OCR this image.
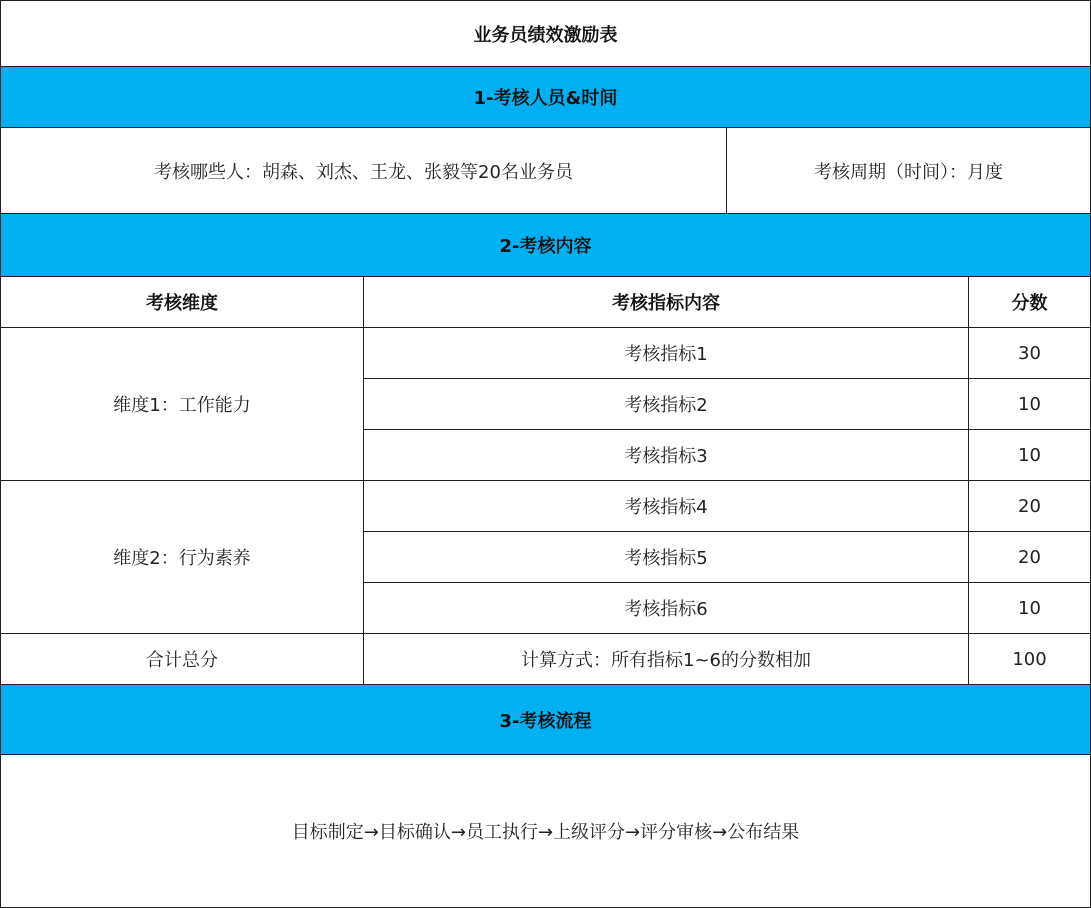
业务员绩效激励表			
1-考核人员&时间			
考核哪些人：胡森、刘杰、王龙、张毅等20名业务员		考核周期（时间）：月度	
2-考核内容			
考核维度	考核指标内容		分数
维度1：工作能力	考核指标1		30
	考核指标2		10
	考核指标3		10
维度2：行为素养	考核指标4		20
	考核指标5		20
	考核指标6		10
合计总分	计算方式：所有指标1~6的分数相加		100
3-考核流程			
目标制定→目标确认→员工执行→上级评分→评分审核→公布结果			
